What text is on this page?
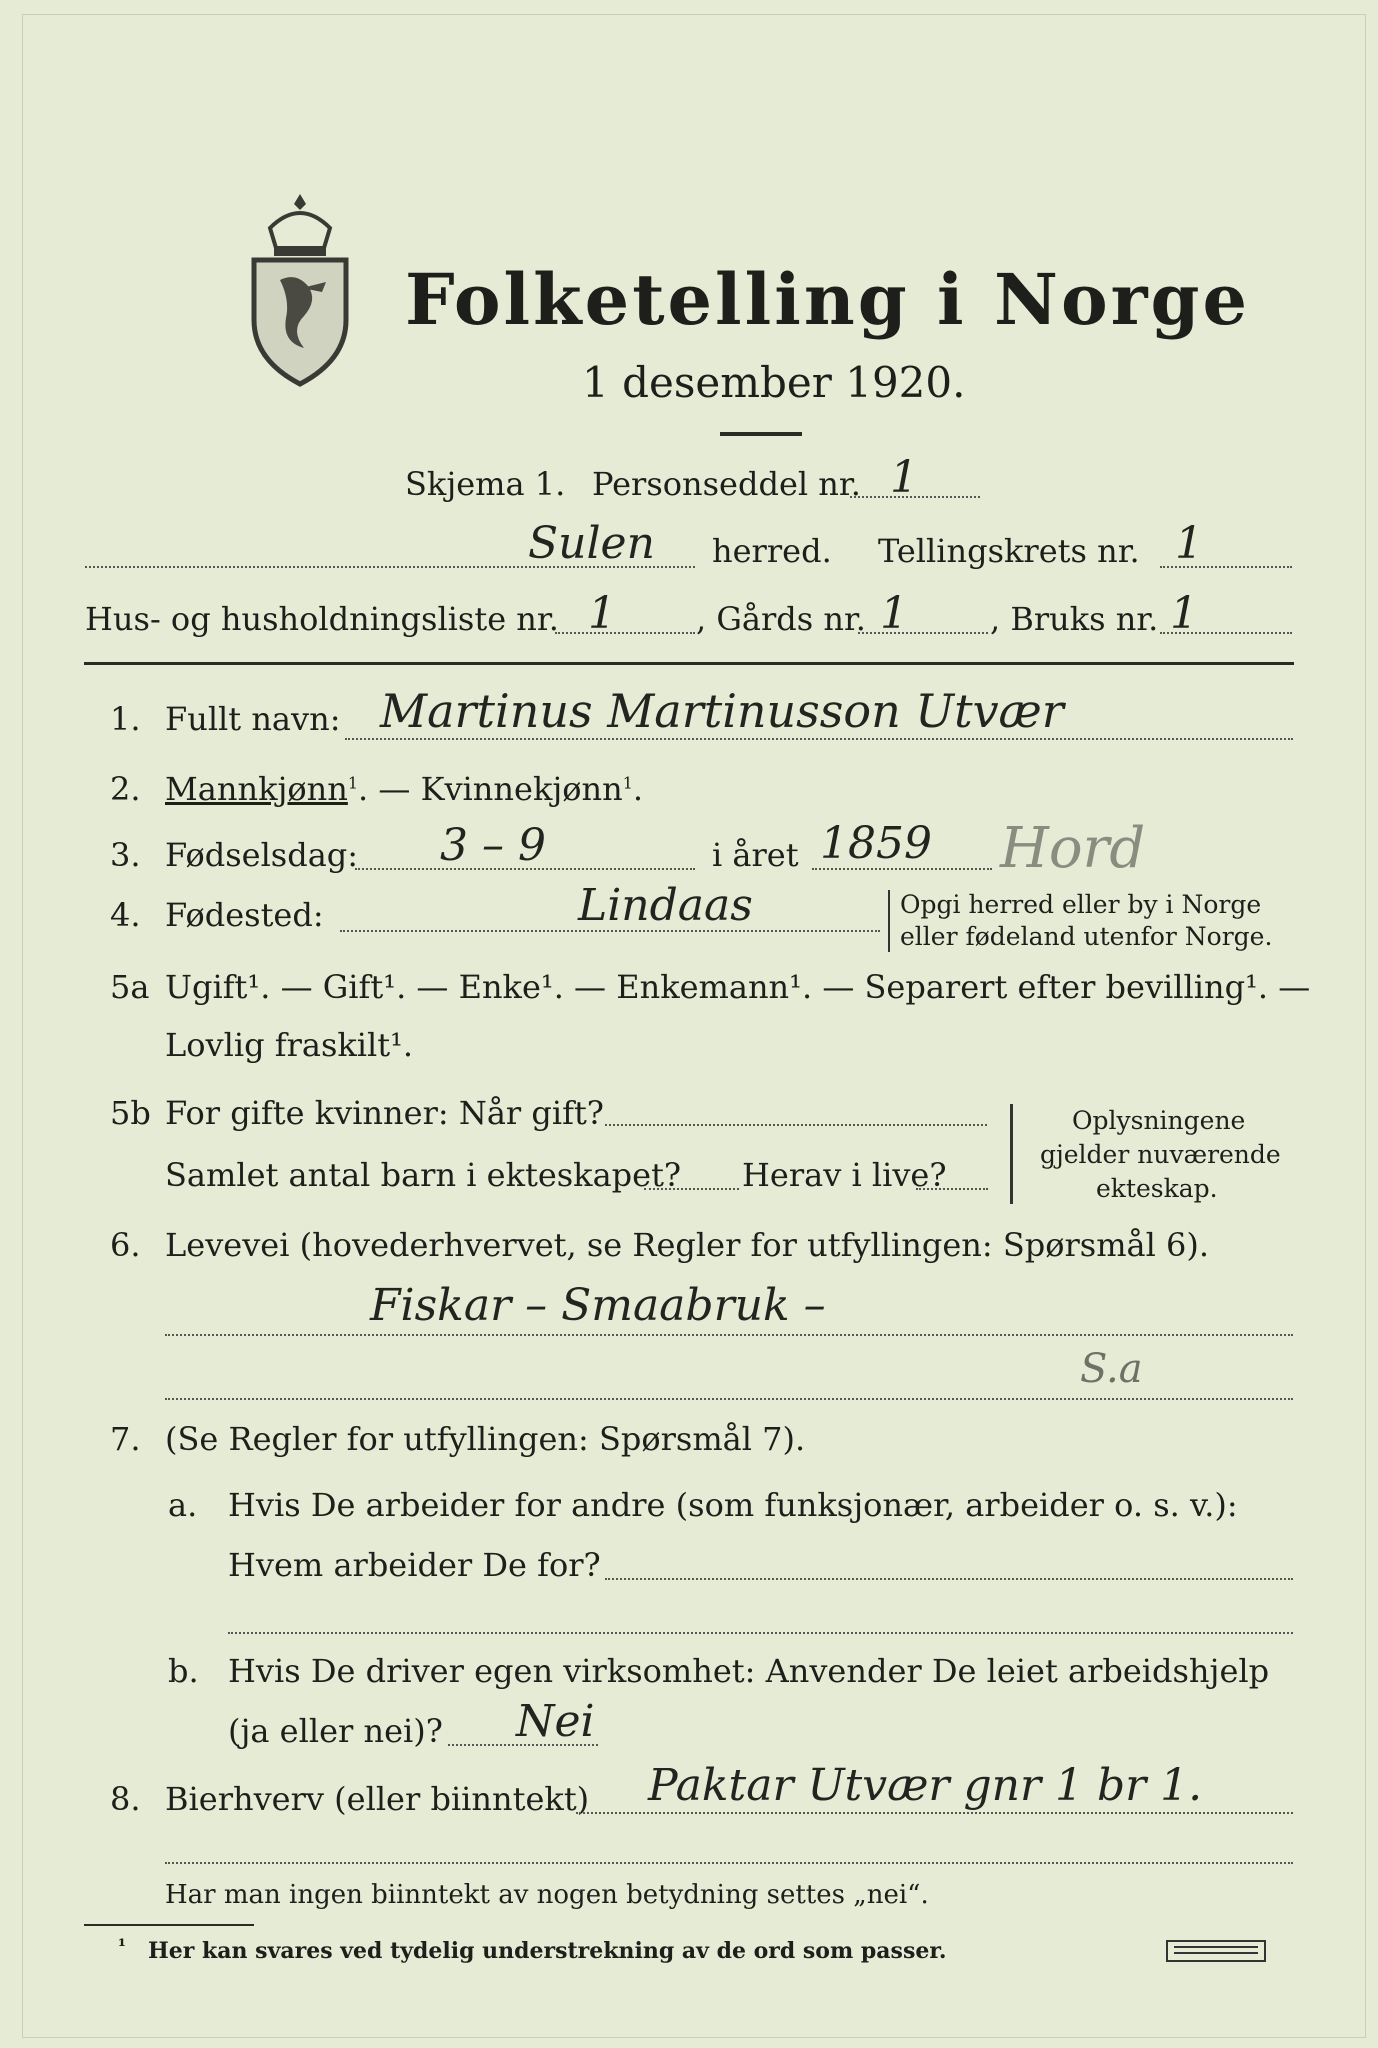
Folketelling i Norge
1 desember 1920.
Skjema 1. Personseddel nr. 1
Sulen herred. Tellingskrets nr. 1
Hus- og husholdningsliste nr. 1	, Gårds nr. 1	, Bruks nr. 1
1. Fullt navn: Martinus Martinusson Utvær
2. Mannkjønn$^1$. — Kvinnekjønn$^1$.
3. Fødselsdag: 3 – 9	i året 1859 Hord
4. Fødested:	Lindaas	Opgi herred eller by i Norge
eller fødeland utenfor Norge.
5a Ugift¹. — Gift¹. — Enke¹. — Enkemann¹. — Separert efter bevilling¹. —
Lovlig fraskilt¹.
5b For gifte kvinner: Når gift?
Samlet antal barn i ekteskapet? Herav i live?
Oplysningene
gjelder nuværende
ekteskap.
6. Levevei (hovederhvervet, se Regler for utfyllingen: Spørsmål 6).
Fiskar – Smaabruk –
S.a
7. (Se Regler for utfyllingen: Spørsmål 7).
a. Hvis De arbeider for andre (som funksjonær, arbeider o. s. v.):
Hvem arbeider De for?
b. Hvis De driver egen virksomhet: Anvender De leiet arbeidshjelp
(ja eller nei)? Nei
8. Bierhverv (eller biinntekt) Paktar Utvær gnr 1 br 1.
Har man ingen biinntekt av nogen betydning settes „nei“.
¹ Her kan svares ved tydelig understrekning av de ord som passer.
